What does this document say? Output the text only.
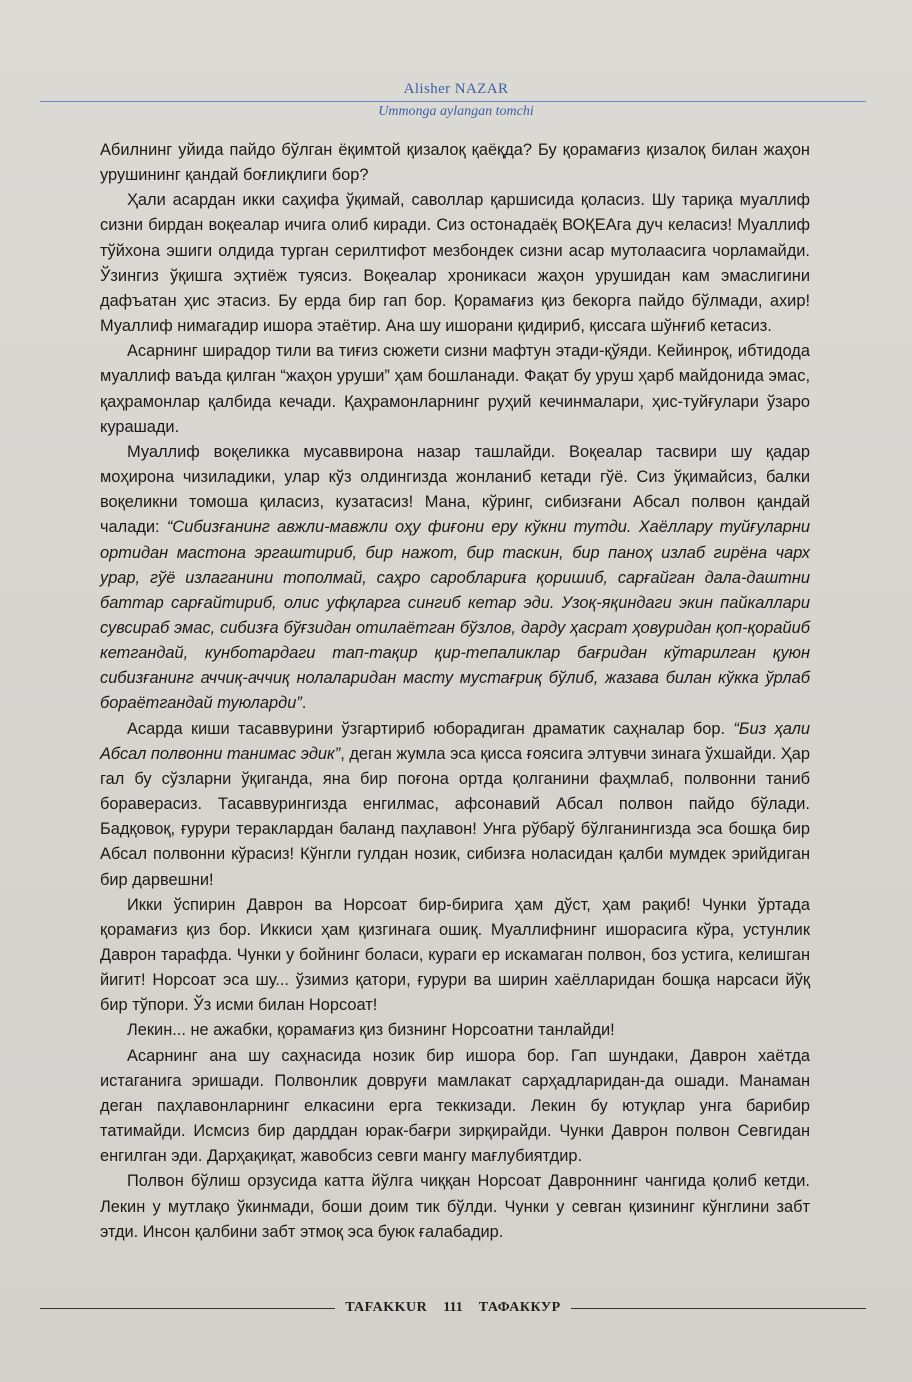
Alisher NAZAR
Ummonga aylangan tomchi

Абилнинг уйида пайдо бўлган ёқимтой қизалоқ қаёқда? Бу қорамағиз қизалоқ билан жаҳон урушининг қандай боғлиқлиги бор?

Ҳали асардан икки саҳифа ўқимай, саволлар қаршисида қоласиз. Шу тариқа муаллиф сизни бирдан воқеалар ичига олиб киради. Сиз остонадаёқ ВОҚЕАга дуч келасиз! Муаллиф тўйхона эшиги олдида турган серилтифот мезбондек сизни асар мутолаасига чорламайди. Ўзингиз ўқишга эҳтиёж туясиз. Воқеалар хроникаси жаҳон урушидан кам эмаслигини дафъатан ҳис этасиз. Бу ерда бир гап бор. Қорамағиз қиз бекорга пайдо бўлмади, ахир! Муаллиф нимагадир ишора этаётир. Ана шу ишорани қидириб, қиссага шўнғиб кетасиз.

Асарнинг ширадор тили ва тиғиз сюжети сизни мафтун этади-қўяди. Кейинроқ, ибтидода муаллиф ваъда қилган “жаҳон уруши” ҳам бошланади. Фақат бу уруш ҳарб майдонида эмас, қаҳрамонлар қалбида кечади. Қаҳрамонларнинг руҳий кечинмалари, ҳис-туйғулари ўзаро курашади.

Муаллиф воқеликка мусаввирона назар ташлайди. Воқеалар тасвири шу қадар моҳирона чизиладики, улар кўз олдингизда жонланиб кетади гўё. Сиз ўқимайсиз, балки воқеликни томоша қиласиз, кузатасиз! Мана, кўринг, сибизғани Абсал полвон қандай чалади: “Сибизғанинг авжли-мавжли оҳу фиғони еру кўкни тутди. Хаёллару туйғуларни ортидан мастона эргаштириб, бир нажот, бир таскин, бир паноҳ излаб гирёна чарх урар, гўё излаганини тополмай, саҳро сароблариға қоришиб, сарғайган дала-даштни баттар сарғайтириб, олис уфқларга сингиб кетар эди. Узоқ-яқиндаги экин пайкаллари сувсираб эмас, сибизға бўғзидан отилаётган бўзлов, дарду ҳасрат ҳовуридан қоп-қорайиб кетгандай, кунботардаги тап-тақир қир-тепаликлар бағридан кўтарилган қуюн сибизғанинг аччиқ-аччиқ нолаларидан масту мустағриқ бўлиб, жазава билан кўкка ўрлаб бораётгандай туюларди”.

Асарда киши тасаввурини ўзгартириб юборадиган драматик саҳналар бор. “Биз ҳали Абсал полвонни танимас эдик”, деган жумла эса қисса ғоясига элтувчи зинага ўхшайди. Ҳар гал бу сўзларни ўқиганда, яна бир поғона ортда қолганини фаҳмлаб, полвонни таниб бораверасиз. Тасаввурингизда енгилмас, афсонавий Абсал полвон пайдо бўлади. Бадқовоқ, ғурури тераклардан баланд паҳлавон! Унга рўбарў бўлганингизда эса бошқа бир Абсал полвонни кўрасиз! Кўнгли гулдан нозик, сибизға ноласидан қалби мумдек эрийдиган бир дарвешни!

Икки ўспирин Даврон ва Норсоат бир-бирига ҳам дўст, ҳам рақиб! Чунки ўртада қорамағиз қиз бор. Иккиси ҳам қизгинага ошиқ. Муаллифнинг ишорасига кўра, устунлик Даврон тарафда. Чунки у бойнинг боласи, кураги ер искамаган полвон, боз устига, келишган йигит! Норсоат эса шу... ўзимиз қатори, ғурури ва ширин хаёлларидан бошқа нарсаси йўқ бир тўпори. Ўз исми билан Норсоат!

Лекин... не ажабки, қорамағиз қиз бизнинг Норсоатни танлайди!

Асарнинг ана шу саҳнасида нозик бир ишора бор. Гап шундаки, Даврон хаётда истаганига эришади. Полвонлик довруғи мамлакат сарҳадларидан-да ошади. Манаман деган паҳлавонларнинг елкасини ерга теккизади. Лекин бу ютуқлар унга барибир татимайди. Исмсиз бир дарддан юрак-бағри зирқирайди. Чунки Даврон полвон Севгидан енгилган эди. Дарҳақиқат, жавобсиз севги мангу мағлубиятдир.

Полвон бўлиш орзусида катта йўлга чиққан Норсоат Давроннинг чангида қолиб кетди. Лекин у мутлақо ўкинмади, боши доим тик бўлди. Чунки у севган қизининг кўнглини забт этди. Инсон қалбини забт этмоқ эса буюк ғалабадир.

TAFAKKUR	111	ТАФАККУР
